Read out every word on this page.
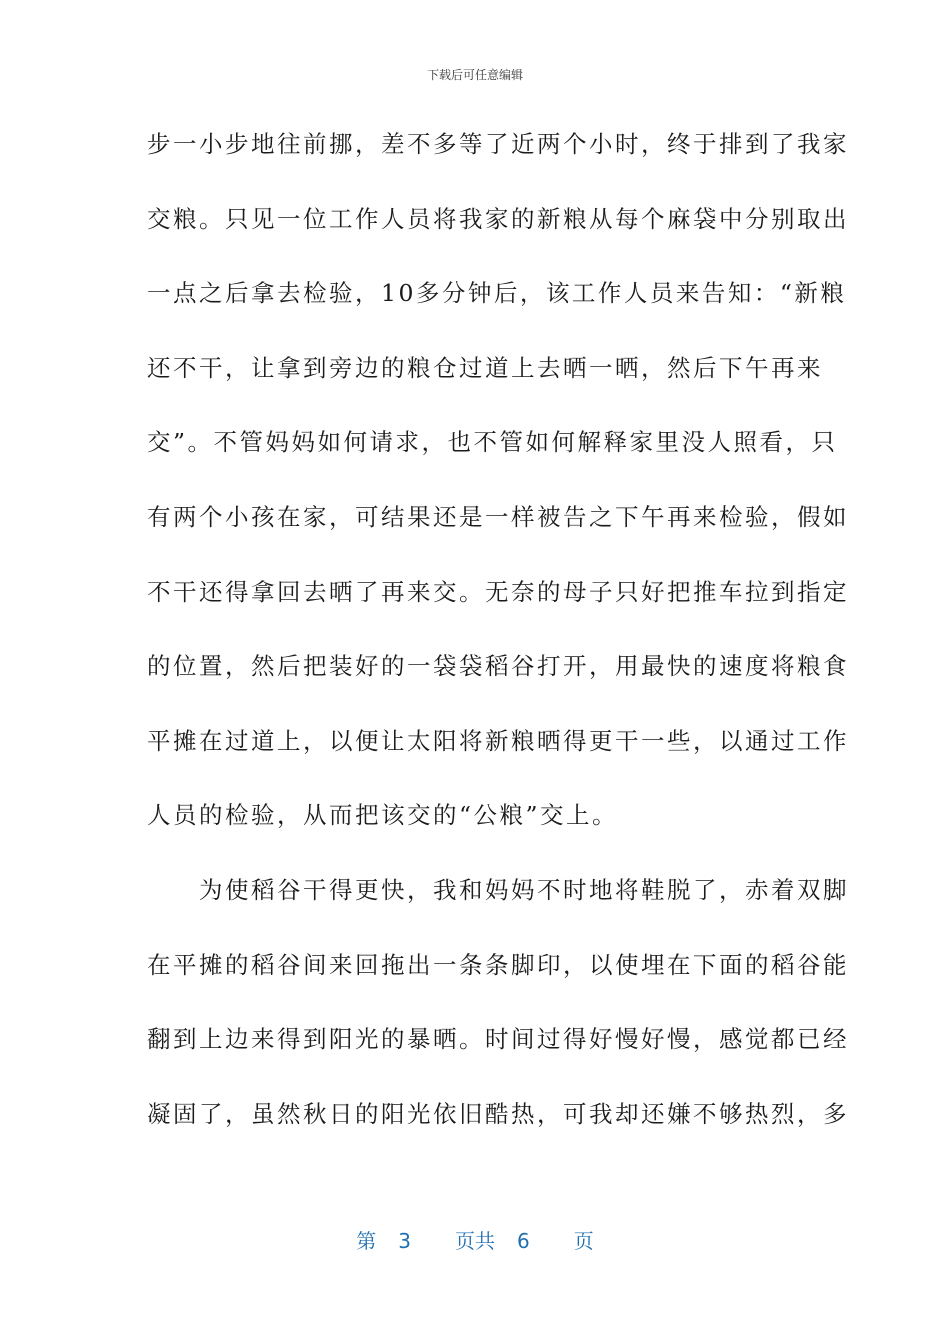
下载后可任意编辑
步一小步地往前挪，差不多等了近两个小时，终于排到了我家
交粮。只见一位工作人员将我家的新粮从每个麻袋中分别取出
一点之后拿去检验，10多分钟后，该工作人员来告知：“新粮
还不干，让拿到旁边的粮仓过道上去晒一晒，然后下午再来
交”。不管妈妈如何请求，也不管如何解释家里没人照看，只
有两个小孩在家，可结果还是一样被告之下午再来检验，假如
不干还得拿回去晒了再来交。无奈的母子只好把推车拉到指定
的位置，然后把装好的一袋袋稻谷打开，用最快的速度将粮食
平摊在过道上，以便让太阳将新粮晒得更干一些，以通过工作
人员的检验，从而把该交的“公粮”交上。
　　为使稻谷干得更快，我和妈妈不时地将鞋脱了，赤着双脚
在平摊的稻谷间来回拖出一条条脚印，以使埋在下面的稻谷能
翻到上边来得到阳光的暴晒。时间过得好慢好慢，感觉都已经
凝固了，虽然秋日的阳光依旧酷热，可我却还嫌不够热烈，多
第 3 页共 6 页
